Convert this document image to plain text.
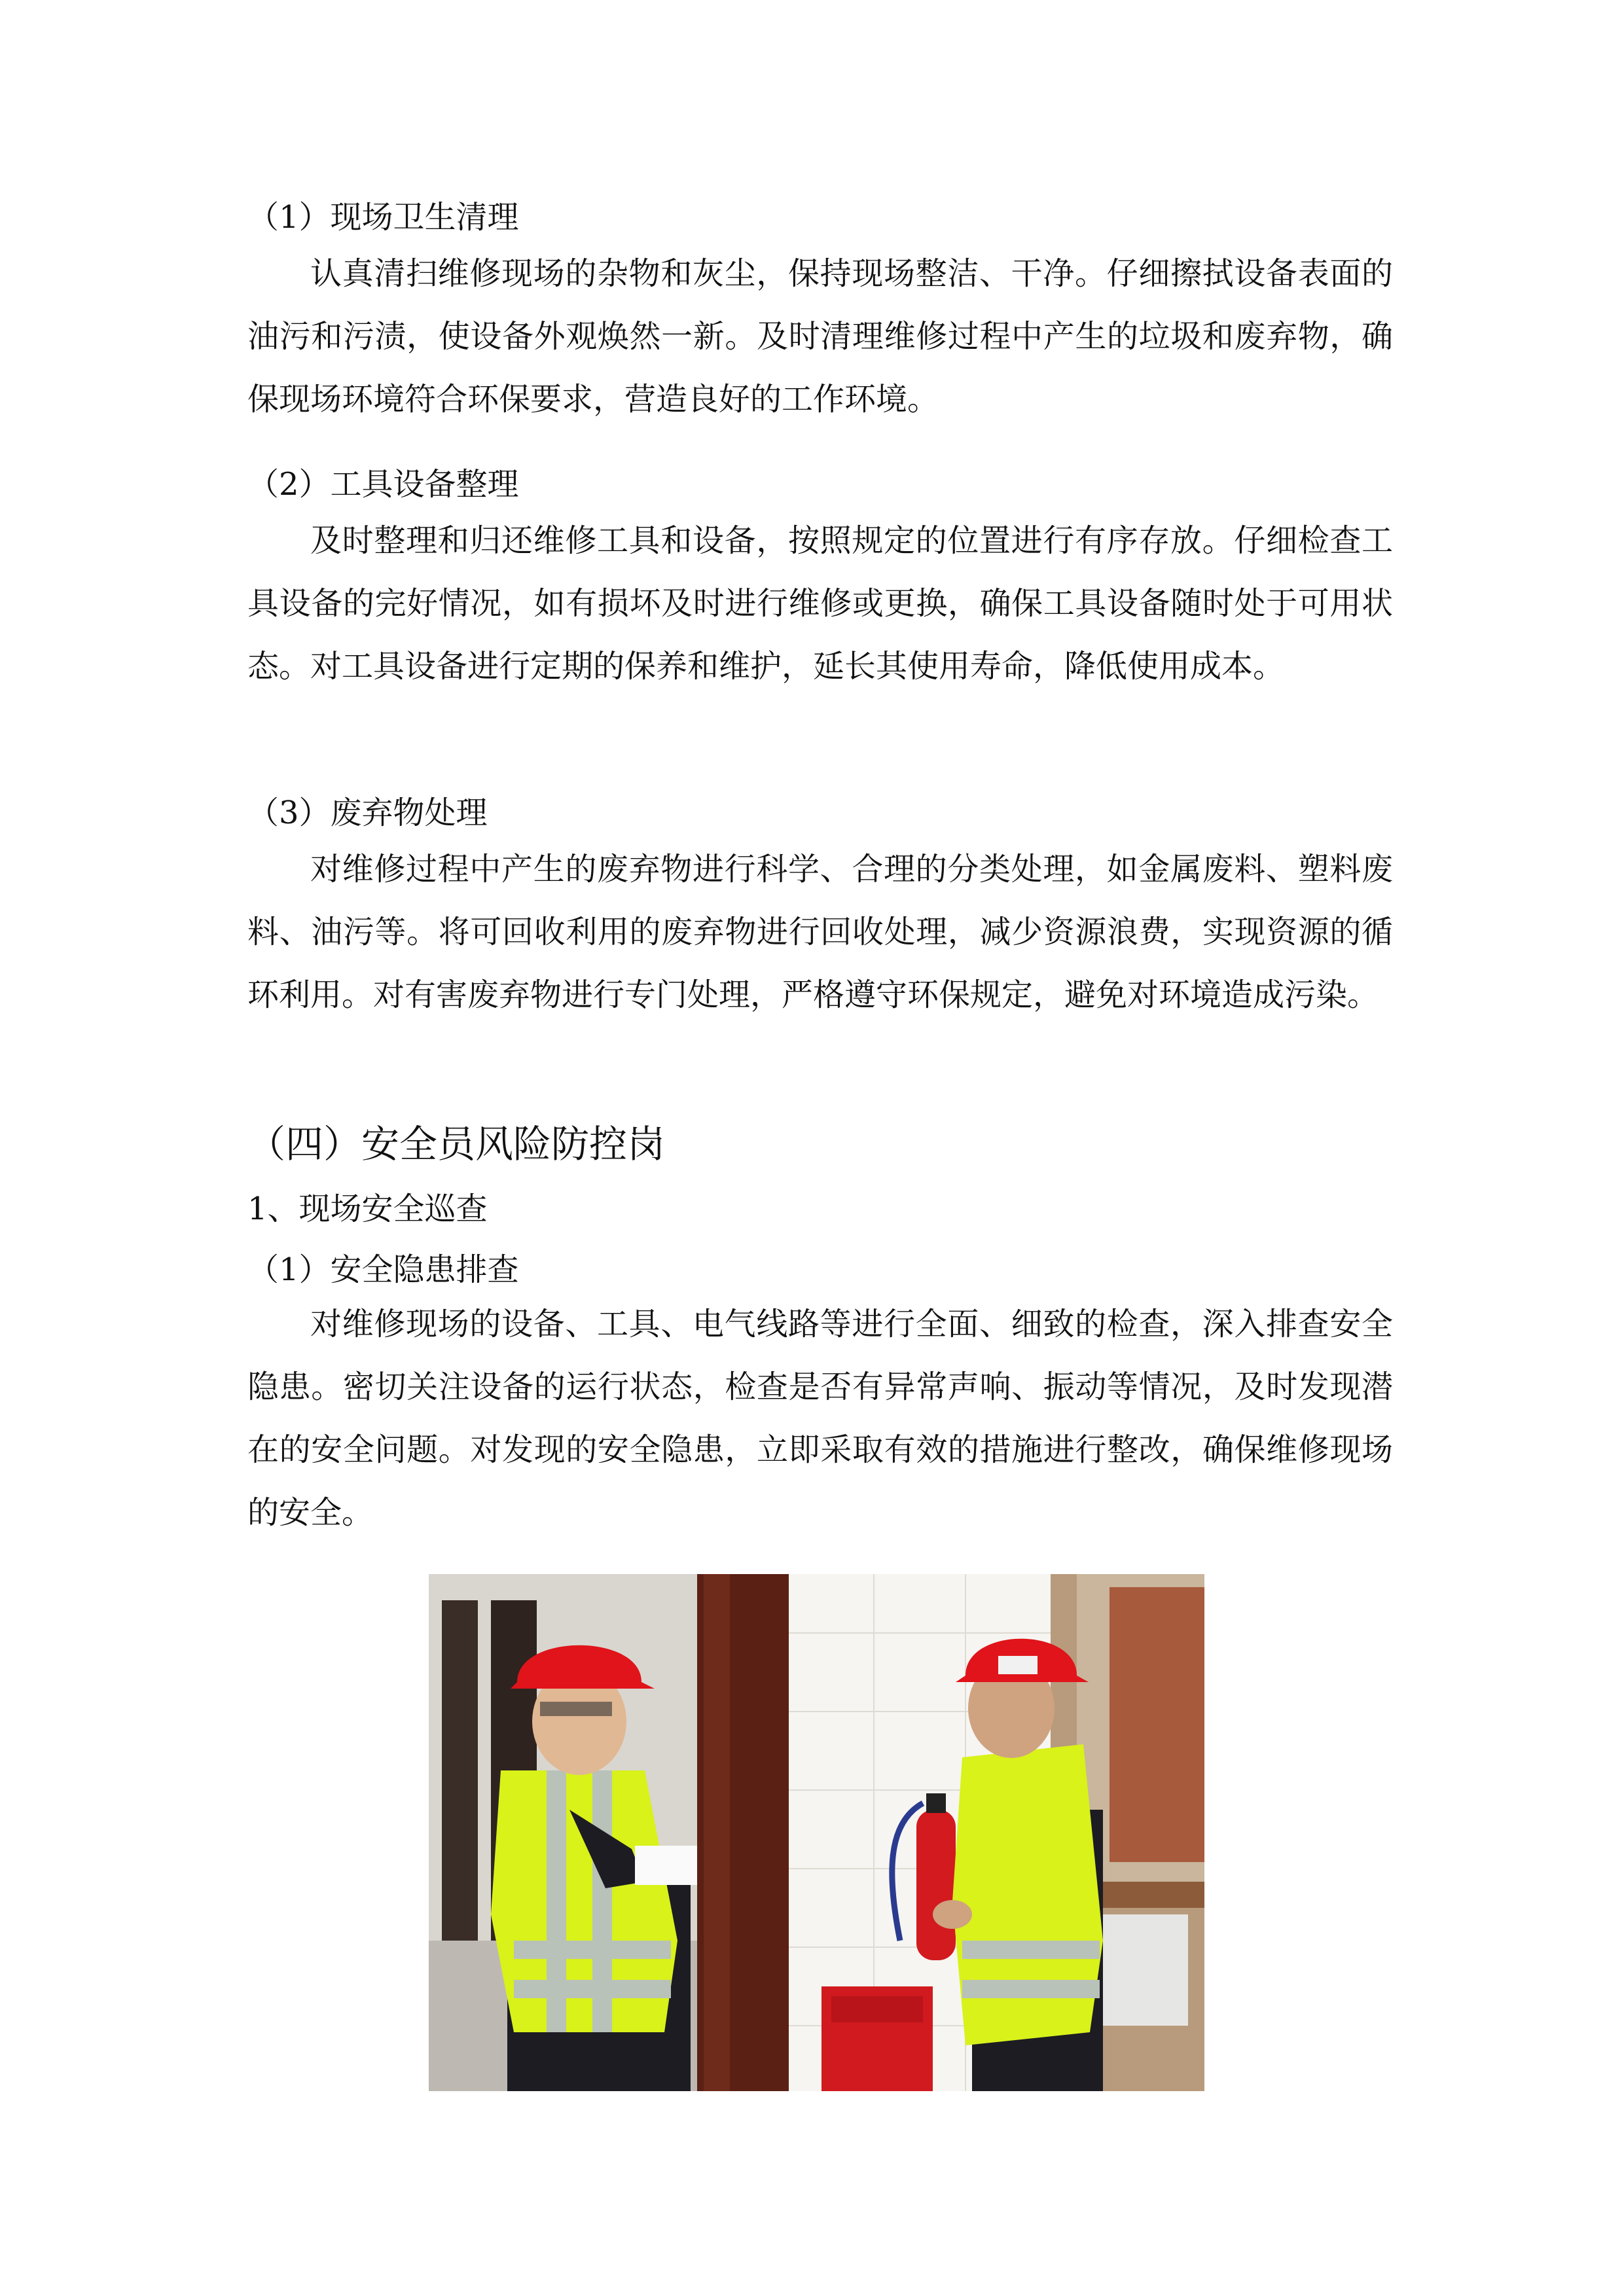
（1）现场卫生清理
认真清扫维修现场的杂物和灰尘，保持现场整洁、干净。仔细擦拭设备表面的油污和污渍，使设备外观焕然一新。及时清理维修过程中产生的垃圾和废弃物，确保现场环境符合环保要求，营造良好的工作环境。
（2）工具设备整理
及时整理和归还维修工具和设备，按照规定的位置进行有序存放。仔细检查工具设备的完好情况，如有损坏及时进行维修或更换，确保工具设备随时处于可用状态。对工具设备进行定期的保养和维护，延长其使用寿命，降低使用成本。
（3）废弃物处理
对维修过程中产生的废弃物进行科学、合理的分类处理，如金属废料、塑料废料、油污等。将可回收利用的废弃物进行回收处理，减少资源浪费，实现资源的循环利用。对有害废弃物进行专门处理，严格遵守环保规定，避免对环境造成污染。
（四）安全员风险防控岗
1、现场安全巡查
（1）安全隐患排查
对维修现场的设备、工具、电气线路等进行全面、细致的检查，深入排查安全隐患。密切关注设备的运行状态，检查是否有异常声响、振动等情况，及时发现潜在的安全问题。对发现的安全隐患，立即采取有效的措施进行整改，确保维修现场的安全。
